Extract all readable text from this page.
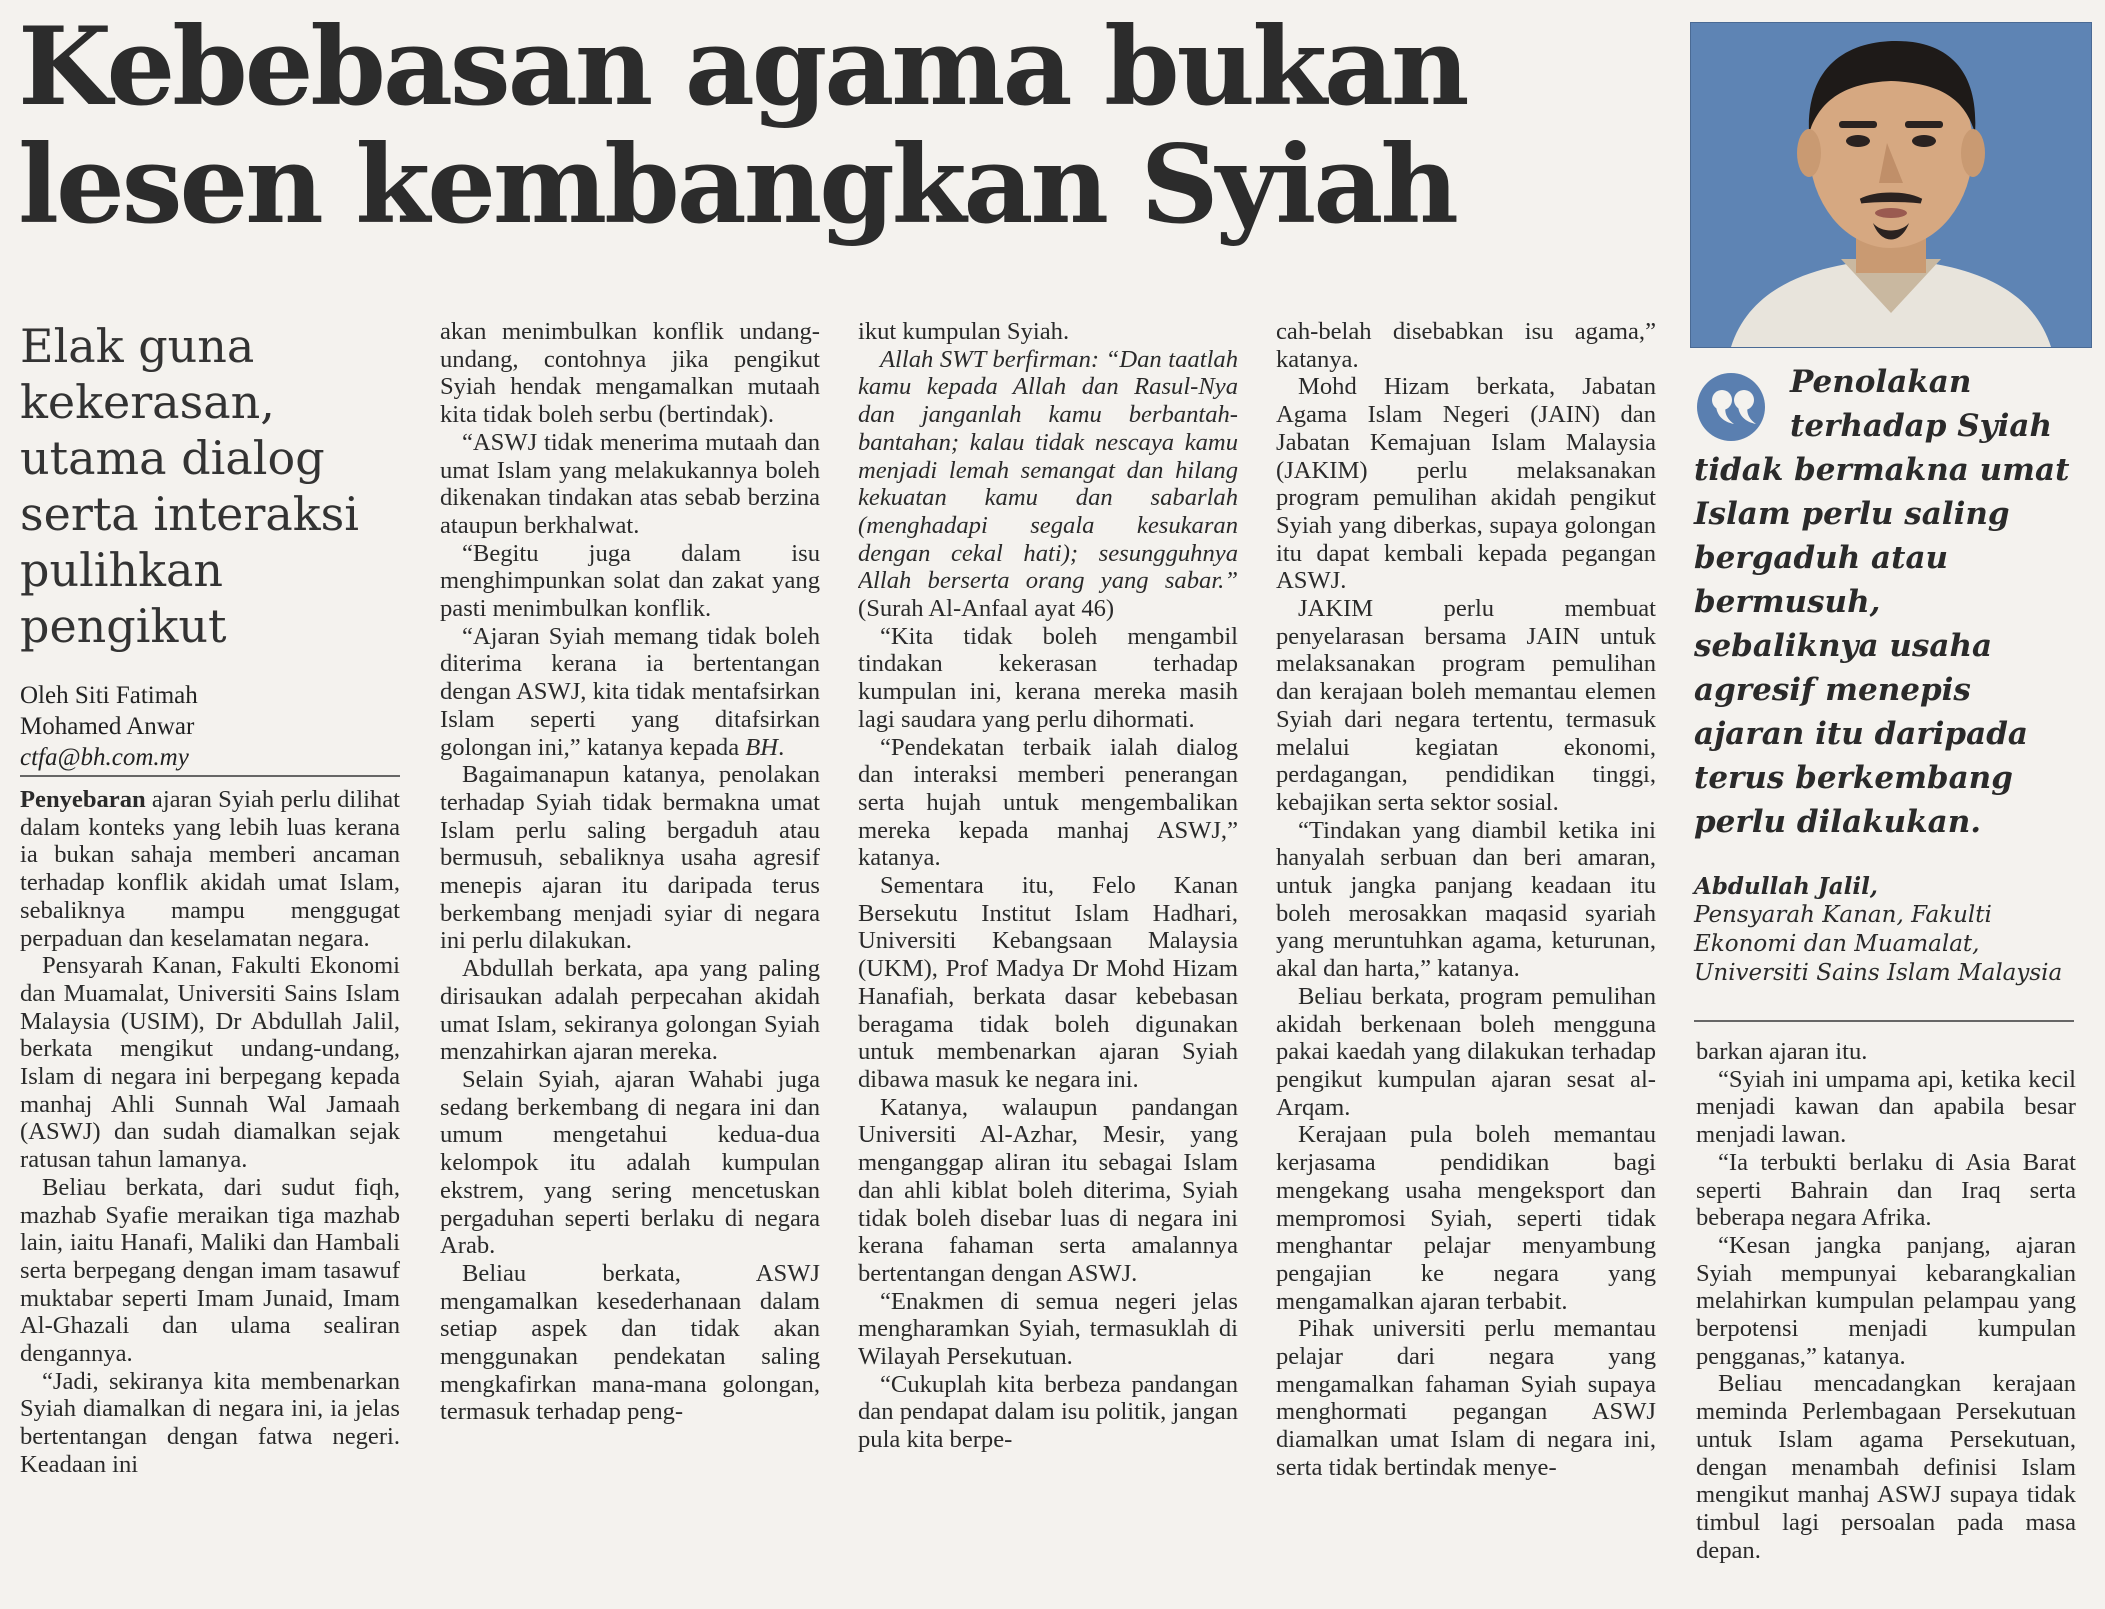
Kebebasan agama bukan
lesen kembangkan Syiah
Elak guna kekerasan, utama dialog serta interaksi pulihkan pengikut
Oleh Siti Fatimah
Mohamed Anwar
ctfa@bh.com.my

Penyebaran ajaran Syiah perlu dilihat dalam konteks yang lebih luas kerana ia bukan sahaja memberi ancaman terhadap konflik akidah umat Islam, sebaliknya mampu menggugat perpaduan dan keselamatan negara.

Pensyarah Kanan, Fakulti Ekonomi dan Muamalat, Universiti Sains Islam Malaysia (USIM), Dr Abdullah Jalil, berkata mengikut undang-undang, Islam di negara ini berpegang kepada manhaj Ahli Sunnah Wal Jamaah (ASWJ) dan sudah diamalkan sejak ratusan tahun lamanya.

Beliau berkata, dari sudut fiqh, mazhab Syafie meraikan tiga mazhab lain, iaitu Hanafi, Maliki dan Hambali serta berpegang dengan imam tasawuf muktabar seperti Imam Junaid, Imam Al-Ghazali dan ulama sealiran dengannya.

“Jadi, sekiranya kita membenarkan Syiah diamalkan di negara ini, ia jelas bertentangan dengan fatwa negeri. Keadaan ini

akan menimbulkan konflik undang-undang, contohnya jika pengikut Syiah hendak mengamalkan mutaah kita tidak boleh serbu (bertindak).

“ASWJ tidak menerima mutaah dan umat Islam yang melakukannya boleh dikenakan tindakan atas sebab berzina ataupun berkhalwat.

“Begitu juga dalam isu menghimpunkan solat dan zakat yang pasti menimbulkan konflik.

“Ajaran Syiah memang tidak boleh diterima kerana ia bertentangan dengan ASWJ, kita tidak mentafsirkan Islam seperti yang ditafsirkan golongan ini,” katanya kepada BH.

Bagaimanapun katanya, penolakan terhadap Syiah tidak bermakna umat Islam perlu saling bergaduh atau bermusuh, sebaliknya usaha agresif menepis ajaran itu daripada terus berkembang menjadi syiar di negara ini perlu dilakukan.

Abdullah berkata, apa yang paling dirisaukan adalah perpecahan akidah umat Islam, sekiranya golongan Syiah menzahirkan ajaran mereka.

Selain Syiah, ajaran Wahabi juga sedang berkembang di negara ini dan umum mengetahui kedua-dua kelompok itu adalah kumpulan ekstrem, yang sering mencetuskan pergaduhan seperti berlaku di negara Arab.

Beliau berkata, ASWJ mengamalkan kesederhanaan dalam setiap aspek dan tidak akan menggunakan pendekatan saling mengkafirkan mana-mana golongan, termasuk terhadap peng-

ikut kumpulan Syiah.

Allah SWT berfirman: “Dan taatlah kamu kepada Allah dan Rasul-Nya dan janganlah kamu berbantah-bantahan; kalau tidak nescaya kamu menjadi lemah semangat dan hilang kekuatan kamu dan sabarlah (menghadapi segala kesukaran dengan cekal hati); sesungguhnya Allah berserta orang yang sabar.” (Surah Al-Anfaal ayat 46)

“Kita tidak boleh mengambil tindakan kekerasan terhadap kumpulan ini, kerana mereka masih lagi saudara yang perlu dihormati.

“Pendekatan terbaik ialah dialog dan interaksi memberi penerangan serta hujah untuk mengembalikan mereka kepada manhaj ASWJ,” katanya.

Sementara itu, Felo Kanan Bersekutu Institut Islam Hadhari, Universiti Kebangsaan Malaysia (UKM), Prof Madya Dr Mohd Hizam Hanafiah, berkata dasar kebebasan beragama tidak boleh digunakan untuk membenarkan ajaran Syiah dibawa masuk ke negara ini.

Katanya, walaupun pandangan Universiti Al-Azhar, Mesir, yang menganggap aliran itu sebagai Islam dan ahli kiblat boleh diterima, Syiah tidak boleh disebar luas di negara ini kerana fahaman serta amalannya bertentangan dengan ASWJ.

“Enakmen di semua negeri jelas mengharamkan Syiah, termasuklah di Wilayah Persekutuan.

“Cukuplah kita berbeza pandangan dan pendapat dalam isu politik, jangan pula kita berpe-

cah-belah disebabkan isu agama,” katanya.

Mohd Hizam berkata, Jabatan Agama Islam Negeri (JAIN) dan Jabatan Kemajuan Islam Malaysia (JAKIM) perlu melaksanakan program pemulihan akidah pengikut Syiah yang diberkas, supaya golongan itu dapat kembali kepada pegangan ASWJ.

JAKIM perlu membuat penyelarasan bersama JAIN untuk melaksanakan program pemulihan dan kerajaan boleh memantau elemen Syiah dari negara tertentu, termasuk melalui kegiatan ekonomi, perdagangan, pendidikan tinggi, kebajikan serta sektor sosial.

“Tindakan yang diambil ketika ini hanyalah serbuan dan beri amaran, untuk jangka panjang keadaan itu boleh merosakkan maqasid syariah yang meruntuhkan agama, keturunan, akal dan harta,” katanya.

Beliau berkata, program pemulihan akidah berkenaan boleh mengguna pakai kaedah yang dilakukan terhadap pengikut kumpulan ajaran sesat al-Arqam.

Kerajaan pula boleh memantau kerjasama pendidikan bagi mengekang usaha mengeksport dan mempromosi Syiah, seperti tidak menghantar pelajar menyambung pengajian ke negara yang mengamalkan ajaran terbabit.

Pihak universiti perlu memantau pelajar dari negara yang mengamalkan fahaman Syiah supaya menghormati pegangan ASWJ diamalkan umat Islam di negara ini, serta tidak bertindak menye-

Penolakan
terhadap Syiah
tidak bermakna umat Islam perlu saling bergaduh atau bermusuh, sebaliknya usaha agresif menepis ajaran itu daripada terus berkembang perlu dilakukan.
Abdullah Jalil,
Pensyarah Kanan, Fakulti
Ekonomi dan Muamalat,
Universiti Sains Islam Malaysia

barkan ajaran itu.

“Syiah ini umpama api, ketika kecil menjadi kawan dan apabila besar menjadi lawan.

“Ia terbukti berlaku di Asia Barat seperti Bahrain dan Iraq serta beberapa negara Afrika.

“Kesan jangka panjang, ajaran Syiah mempunyai kebarangkalian melahirkan kumpulan pelampau yang berpotensi menjadi kumpulan pengganas,” katanya.

Beliau mencadangkan kerajaan meminda Perlembagaan Persekutuan untuk Islam agama Persekutuan, dengan menambah definisi Islam mengikut manhaj ASWJ supaya tidak timbul lagi persoalan pada masa depan.
